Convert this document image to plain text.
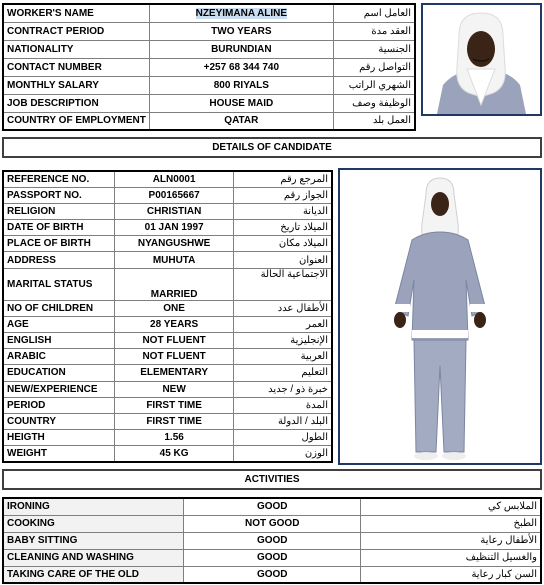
WORKER'S NAME	NZEYIMANA ALINE	العامل اسم
CONTRACT PERIOD	TWO YEARS	العقد مدة
NATIONALITY	BURUNDIAN	الجنسية
CONTACT NUMBER	+257 68 344 740	التواصل رقم
MONTHLY SALARY	800 RIYALS	الشهري الراتب
JOB DESCRIPTION	HOUSE MAID	الوظيفة وصف
COUNTRY OF EMPLOYMENT	QATAR	العمل بلد
DETAILS OF CANDIDATE
REFERENCE NO.	ALN0001	المرجع رقم
PASSPORT NO.	P00165667	الجواز رقم
RELIGION	CHRISTIAN	الديانة
DATE OF BIRTH	01 JAN 1997	الميلاد تاريخ
PLACE OF BIRTH	NYANGUSHWE	الميلاد مكان
ADDRESS	MUHUTA	العنوان
MARITAL STATUS	MARRIED	الاجتماعية الحالة
NO OF CHILDREN	ONE	الأطفال عدد
AGE	28 YEARS	العمر
ENGLISH	NOT FLUENT	الإنجليزية
ARABIC	NOT FLUENT	العربية
EDUCATION	ELEMENTARY	التعليم
NEW/EXPERIENCE	NEW	خبرة ذو / جديد
PERIOD	FIRST TIME	المدة
COUNTRY	FIRST TIME	البلد / الدولة
HEIGTH	1.56	الطول
WEIGHT	45 KG	الوزن
ACTIVITIES
IRONING	GOOD	الملابس كي
COOKING	NOT GOOD	الطبخ
BABY SITTING	GOOD	الأطفال رعاية
CLEANING AND WASHING	GOOD	والغسيل التنظيف
TAKING CARE OF THE OLD	GOOD	السن كبار رعاية
